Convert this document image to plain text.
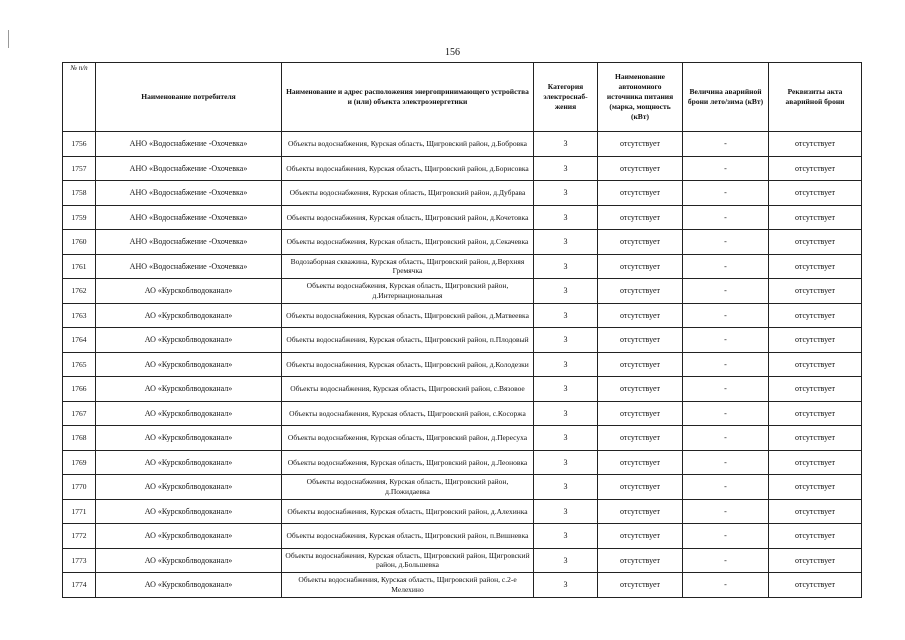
156
№ п/п	Наименование потребителя	Наименование и адрес расположения энергопринимающего устройства и (или) объекта электроэнергетики	Категория электроснаб-жения	Наименование автономного источника питания (марка, мощность (кВт)	Величина аварийной брони лето/зима (кВт)	Реквизиты акта аварийной брони
1756	АНО «Водоснабжение -Охочевка»	Объекты водоснабжения, Курская область, Щигровский район, д.Бобровка	3	отсутствует	-	отсутствует
1757	АНО «Водоснабжение -Охочевка»	Объекты водоснабжения, Курская область, Щигровский район, д.Борисовка	3	отсутствует	-	отсутствует
1758	АНО «Водоснабжение -Охочевка»	Объекты водоснабжения, Курская область, Щигровский район, д.Дубрава	3	отсутствует	-	отсутствует
1759	АНО «Водоснабжение -Охочевка»	Объекты водоснабжения, Курская область, Щигровский район, д.Кочетовка	3	отсутствует	-	отсутствует
1760	АНО «Водоснабжение -Охочевка»	Объекты водоснабжения, Курская область, Щигровский район, д.Секачевка	3	отсутствует	-	отсутствует
1761	АНО «Водоснабжение -Охочевка»	Водозаборная скважина, Курская область, Щигровский район, д.Верхняя Гремячка	3	отсутствует	-	отсутствует
1762	АО «Курскоблводоканал»	Объекты водоснабжения, Курская область, Щигровский район, д.Интернациональная	3	отсутствует	-	отсутствует
1763	АО «Курскоблводоканал»	Объекты водоснабжения, Курская область, Щигровский район, д.Матвеевка	3	отсутствует	-	отсутствует
1764	АО «Курскоблводоканал»	Объекты водоснабжения, Курская область, Щигровский район, п.Плодовый	3	отсутствует	-	отсутствует
1765	АО «Курскоблводоканал»	Объекты водоснабжения, Курская область, Щигровский район, д.Колодезки	3	отсутствует	-	отсутствует
1766	АО «Курскоблводоканал»	Объекты водоснабжения, Курская область, Щигровский район, с.Вязовое	3	отсутствует	-	отсутствует
1767	АО «Курскоблводоканал»	Объекты водоснабжения, Курская область, Щигровский район, с.Косоржа	3	отсутствует	-	отсутствует
1768	АО «Курскоблводоканал»	Объекты водоснабжения, Курская область, Щигровский район, д.Пересуха	3	отсутствует	-	отсутствует
1769	АО «Курскоблводоканал»	Объекты водоснабжения, Курская область, Щигровский район, д.Леоновка	3	отсутствует	-	отсутствует
1770	АО «Курскоблводоканал»	Объекты водоснабжения, Курская область, Щигровский район, д.Пожидаевка	3	отсутствует	-	отсутствует
1771	АО «Курскоблводоканал»	Объекты водоснабжения, Курская область, Щигровский район, д.Алехинка	3	отсутствует	-	отсутствует
1772	АО «Курскоблводоканал»	Объекты водоснабжения, Курская область, Щигровский район, п.Вишневка	3	отсутствует	-	отсутствует
1773	АО «Курскоблводоканал»	Объекты водоснабжения, Курская область, Щигровский район, Щигровский район, д.Большевка	3	отсутствует	-	отсутствует
1774	АО «Курскоблводоканал»	Объекты водоснабжения, Курская область, Щигровский район, с.2-е Мелехино	3	отсутствует	-	отсутствует
